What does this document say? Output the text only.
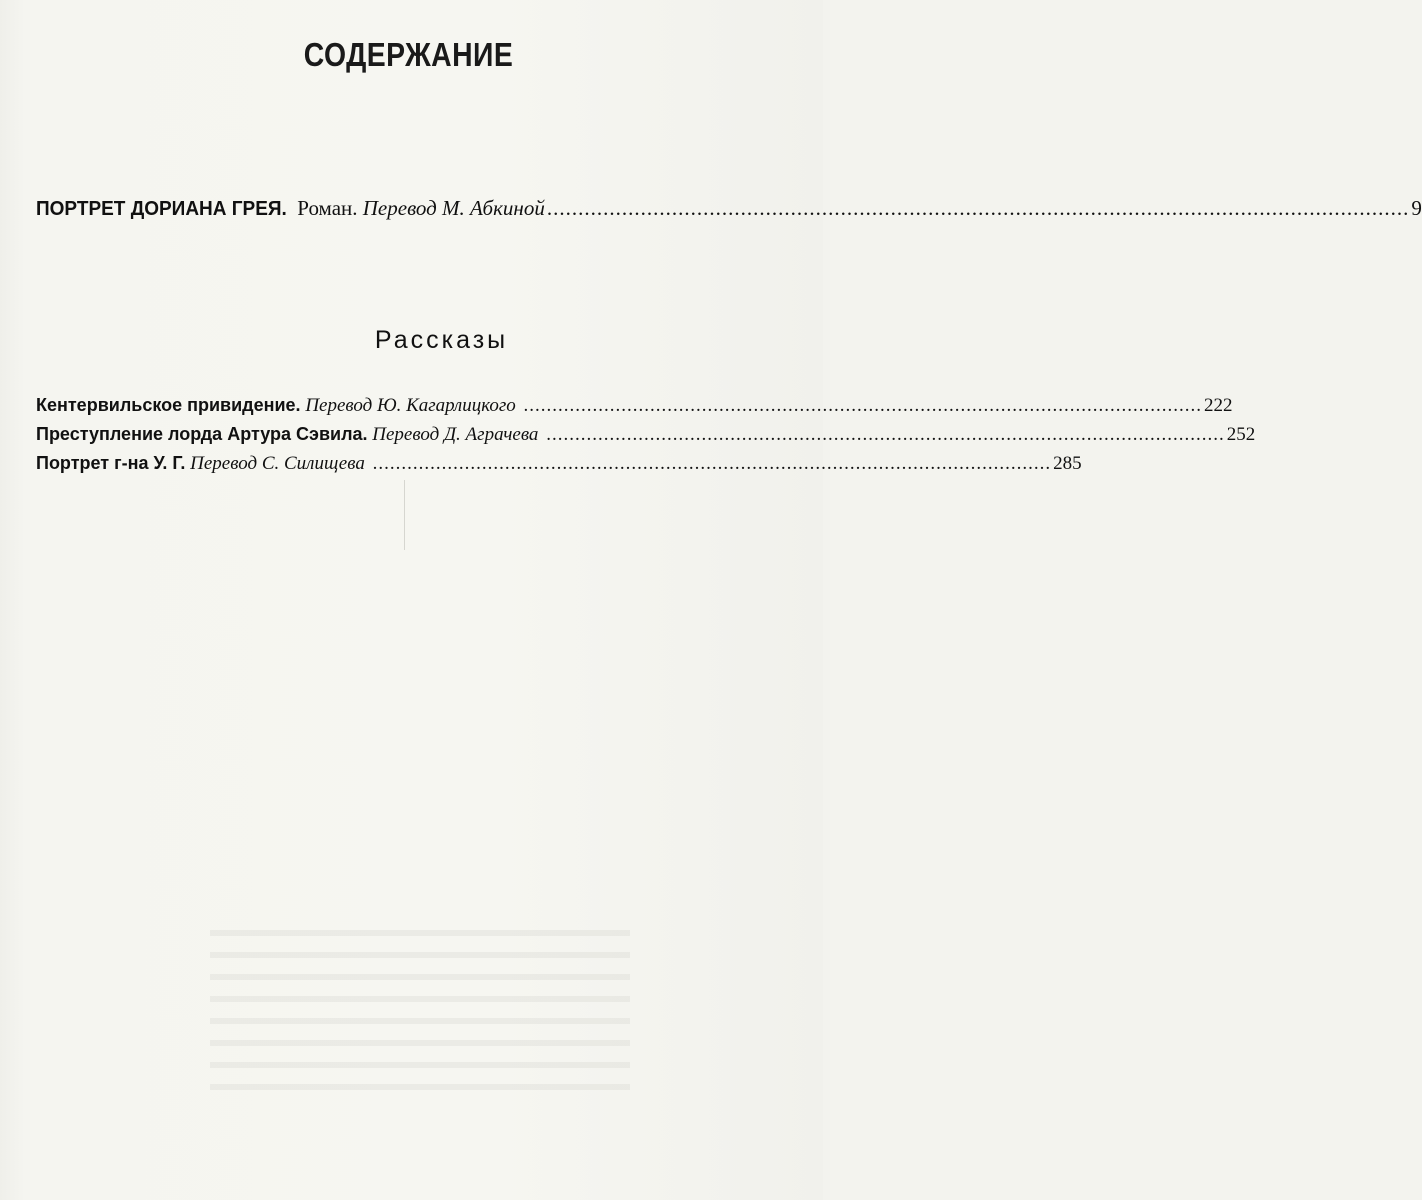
СОДЕРЖАНИЕ
ПОРТРЕТ ДОРИАНА ГРЕЯ. Роман. Перевод М. Абкиной .......................................................................................................................................... 9
Рассказы
Кентервильское привидение.
Перевод Ю. Кагарлицкого ...................................................................................................................... 222
Преступление лорда Артура Сэвила.
Перевод Д. Аграчева ...................................................................................................................... 252
Портрет г-на У. Г.
Перевод С. Силищева ...................................................................................................................... 285
